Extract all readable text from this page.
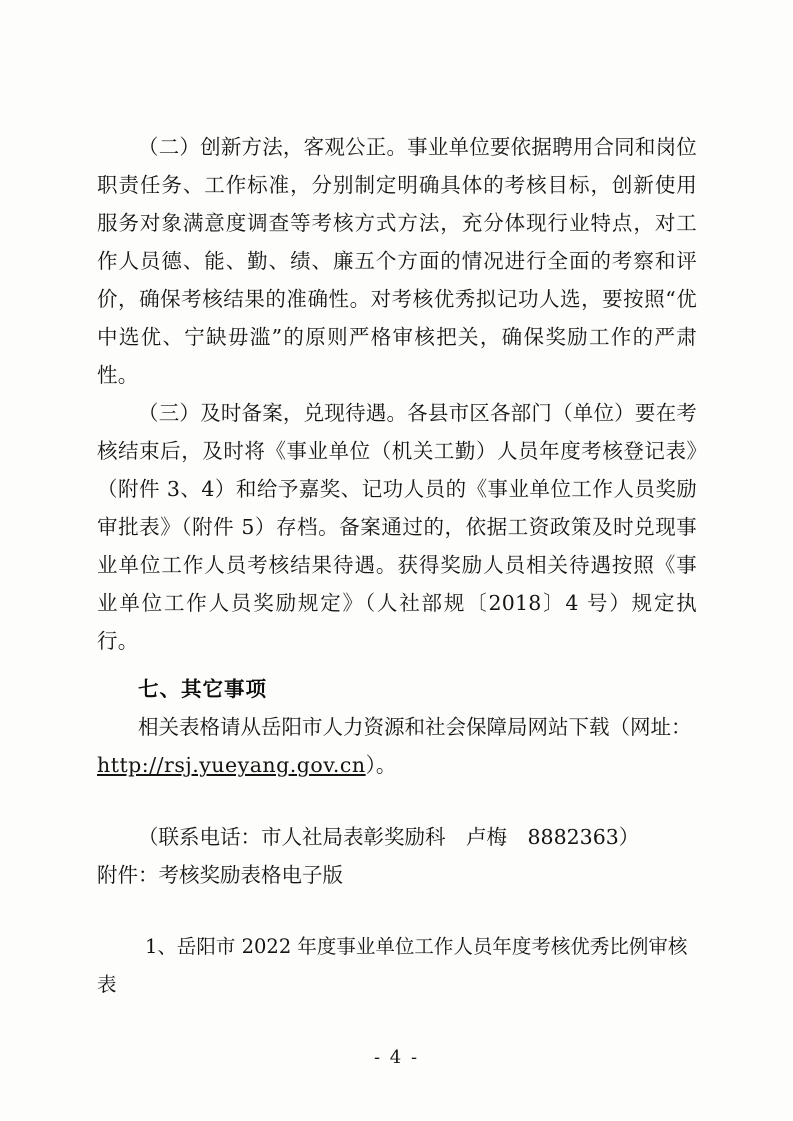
（二）创新方法，客观公正。事业单位要依据聘用合同和岗位职责任务、工作标准，分别制定明确具体的考核目标，创新使用服务对象满意度调查等考核方式方法，充分体现行业特点，对工作人员德、能、勤、绩、廉五个方面的情况进行全面的考察和评价，确保考核结果的准确性。对考核优秀拟记功人选，要按照“优中选优、宁缺毋滥”的原则严格审核把关，确保奖励工作的严肃性。

（三）及时备案，兑现待遇。各县市区各部门（单位）要在考核结束后，及时将《事业单位（机关工勤）人员年度考核登记表》（附件 3、4）和给予嘉奖、记功人员的《事业单位工作人员奖励审批表》（附件 5）存档。备案通过的，依据工资政策及时兑现事业单位工作人员考核结果待遇。获得奖励人员相关待遇按照《事业单位工作人员奖励规定》（人社部规〔2018〕4 号）规定执行。

七、其它事项
相关表格请从岳阳市人力资源和社会保障局网站下载（网址：http://rsj.yueyang.gov.cn）。
（联系电话：市人社局表彰奖励科　卢梅　8882363）
附件：考核奖励表格电子版
1、岳阳市 2022 年度事业单位工作人员年度考核优秀比例审核表
- 4 -
